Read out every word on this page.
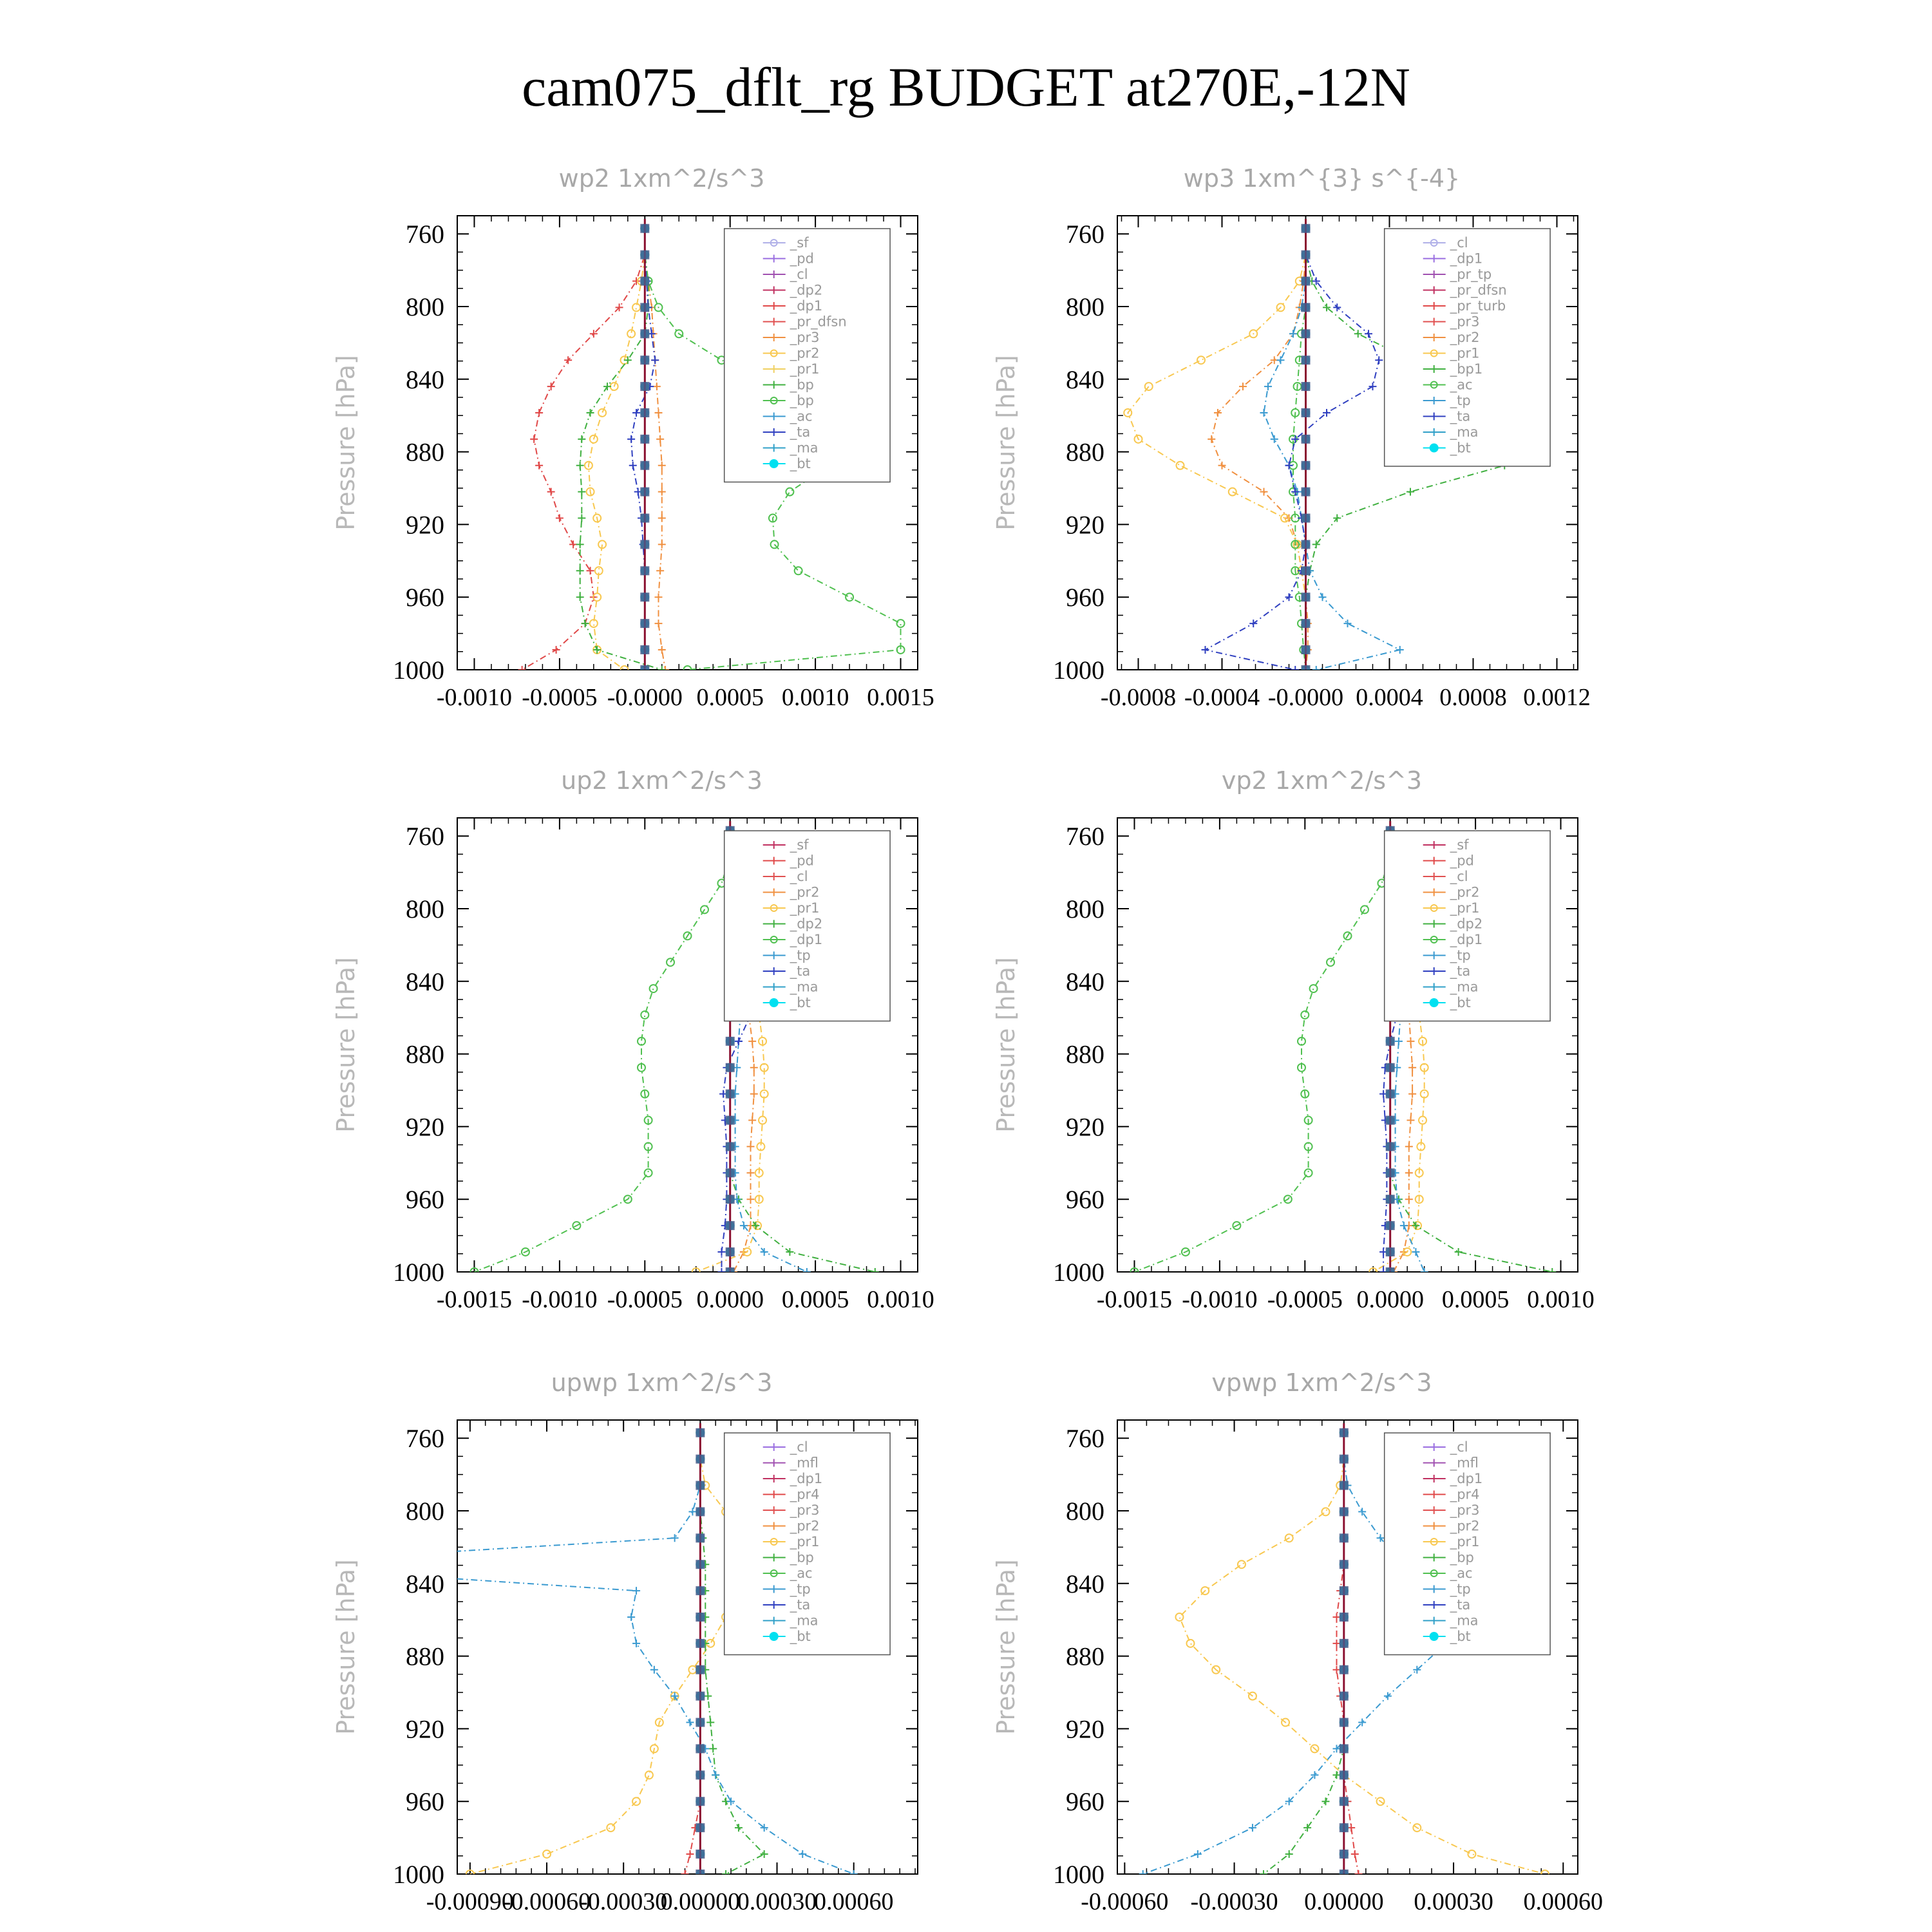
cam075_dflt_rg BUDGET at270E,-12N
wp2 1xm^2/s^3
Pressure [hPa]
760
800
840
880
920
960
1000
-0.0010 -0.0005 -0.0000 0.0005 0.0010 0.0015
_sf
_pd
_cl
_dp2
_dp1
_pr_dfsn
_pr3
_pr2
_pr1
_bp
_bp
_ac
_ta
_ma
_bt
wp3 1xm^{3} s^{-4}
Pressure [hPa]
760
800
840
880
920
960
1000
-0.0008 -0.0004 -0.0000 0.0004 0.0008 0.0012
_cl
_dp1
_pr_tp
_pr_dfsn
_pr_turb
_pr3
_pr2
_pr1
_bp1
_ac
_tp
_ta
_ma
_bt
up2 1xm^2/s^3
Pressure [hPa]
760
800
840
880
920
960
1000
-0.0015 -0.0010 -0.0005 0.0000 0.0005 0.0010
_sf
_pd
_cl
_pr2
_pr1
_dp2
_dp1
_tp
_ta
_ma
_bt
vp2 1xm^2/s^3
Pressure [hPa]
760
800
840
880
920
960
1000
-0.0015 -0.0010 -0.0005 0.0000 0.0005 0.0010
_sf
_pd
_cl
_pr2
_pr1
_dp2
_dp1
_tp
_ta
_ma
_bt
upwp 1xm^2/s^3
Pressure [hPa]
760
800
840
880
920
960
1000
-0.00090
-0.00060
-0.00030
0.00000
0.00030
0.00060
_cl
_mfl
_dp1
_pr4
_pr3
_pr2
_pr1
_bp
_ac
_tp
_ta
_ma
_bt
vpwp 1xm^2/s^3
Pressure [hPa]
760
800
840
880
920
960
1000
-0.00060 -0.00030 0.00000 0.00030 0.00060
_cl
_mfl
_dp1
_pr4
_pr3
_pr2
_pr1
_bp
_ac
_tp
_ta
_ma
_bt
